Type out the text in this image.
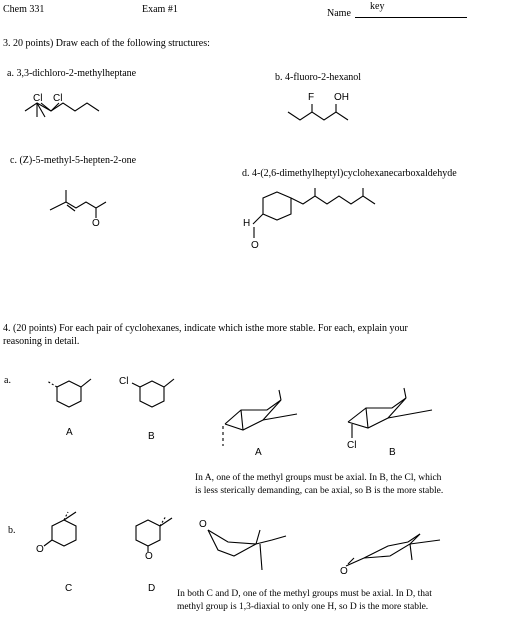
Chem 331	Exam #1	Name
key
3. 20 points) Draw each of the following structures:
a. 3,3-dichloro-2-methylheptane	b. 4-fluoro-2-hexanol
c. (Z)-5-methyl-5-hepten-2-one
d. 4-(2,6-dimethylheptyl)cyclohexanecarboxaldehyde
Cl Cl	F OH
O	H
O
4. (20 points) For each pair of cyclohexanes, indicate which isthe more stable. For each, explain your
reasoning in detail.
a.
A
Cl
B
A
Cl
B
In A, one of the methyl groups must be axial. In B, the Cl, which
is less sterically demanding, can be axial, so B is the more stable.
b.
O
C
O
D
O
O
In both C and D, one of the methyl groups must be axial. In D, that
methyl group is 1,3-diaxial to only one H, so D is the more stable.
